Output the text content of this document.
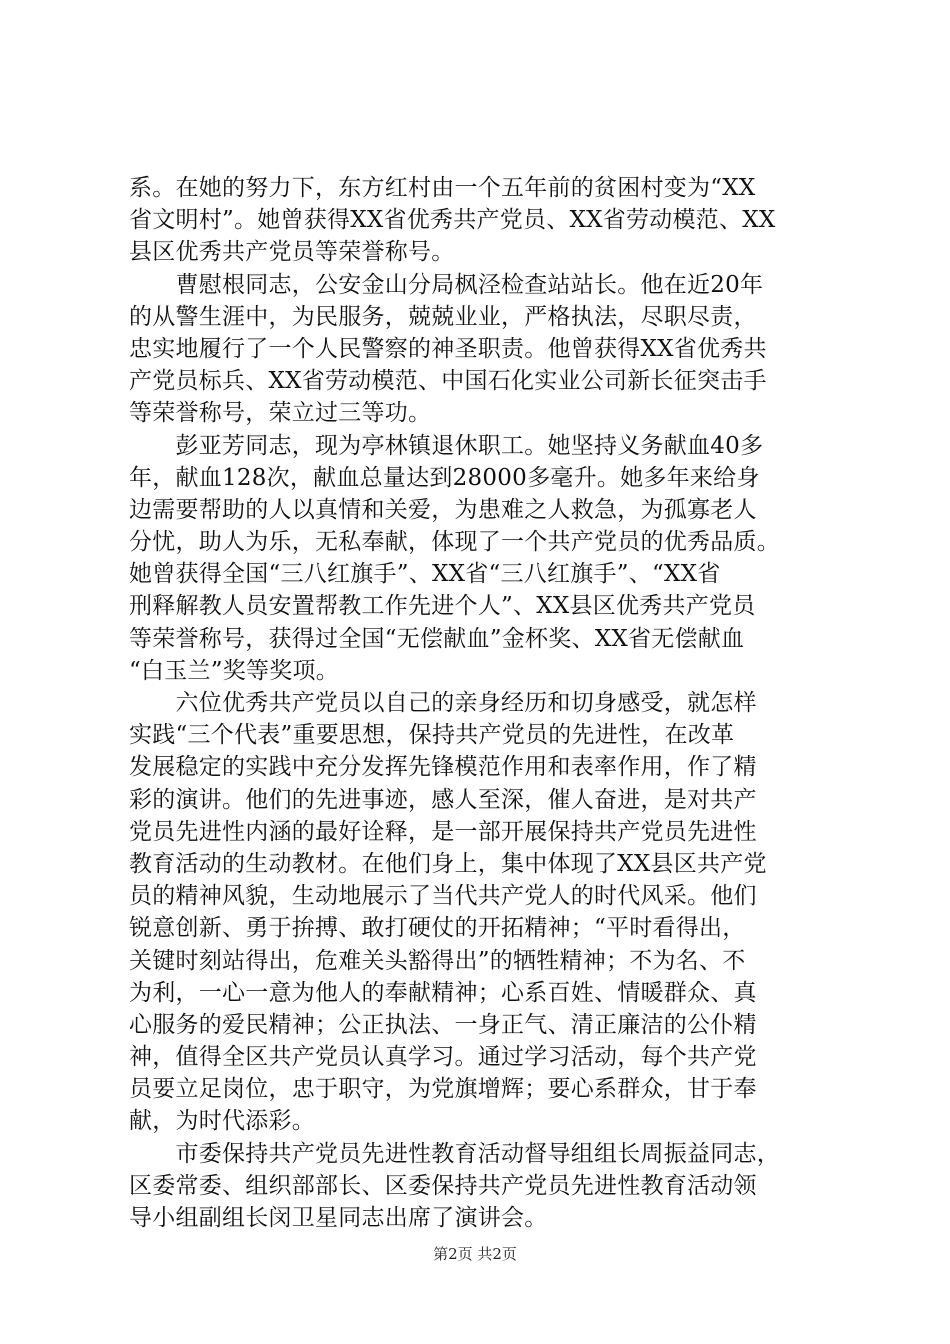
系。在她的努力下，东方红村由一个五年前的贫困村变为“XX
省文明村”。她曾获得XX省优秀共产党员、XX省劳动模范、XX
县区优秀共产党员等荣誉称号。
　　曹慰根同志，公安金山分局枫泾检查站站长。他在近20年
的从警生涯中，为民服务，兢兢业业，严格执法，尽职尽责，
忠实地履行了一个人民警察的神圣职责。他曾获得XX省优秀共
产党员标兵、XX省劳动模范、中国石化实业公司新长征突击手
等荣誉称号，荣立过三等功。
　　彭亚芳同志，现为亭林镇退休职工。她坚持义务献血40多
年，献血128次，献血总量达到28000多毫升。她多年来给身
边需要帮助的人以真情和关爱，为患难之人救急，为孤寡老人
分忧，助人为乐，无私奉献，体现了一个共产党员的优秀品质。
她曾获得全国“三八红旗手”、XX省“三八红旗手”、“XX省
刑释解教人员安置帮教工作先进个人”、XX县区优秀共产党员
等荣誉称号，获得过全国“无偿献血”金杯奖、XX省无偿献血
“白玉兰”奖等奖项。
　　六位优秀共产党员以自己的亲身经历和切身感受，就怎样
实践“三个代表”重要思想，保持共产党员的先进性，在改革
发展稳定的实践中充分发挥先锋模范作用和表率作用，作了精
彩的演讲。他们的先进事迹，感人至深，催人奋进，是对共产
党员先进性内涵的最好诠释，是一部开展保持共产党员先进性
教育活动的生动教材。在他们身上，集中体现了XX县区共产党
员的精神风貌，生动地展示了当代共产党人的时代风采。他们
锐意创新、勇于拚搏、敢打硬仗的开拓精神；“平时看得出，
关键时刻站得出，危难关头豁得出”的牺牲精神；不为名、不
为利，一心一意为他人的奉献精神；心系百姓、情暖群众、真
心服务的爱民精神；公正执法、一身正气、清正廉洁的公仆精
神，值得全区共产党员认真学习。通过学习活动，每个共产党
员要立足岗位，忠于职守，为党旗增辉；要心系群众，甘于奉
献，为时代添彩。
　　市委保持共产党员先进性教育活动督导组组长周振益同志，
区委常委、组织部部长、区委保持共产党员先进性教育活动领
导小组副组长闵卫星同志出席了演讲会。
第2页 共2页
